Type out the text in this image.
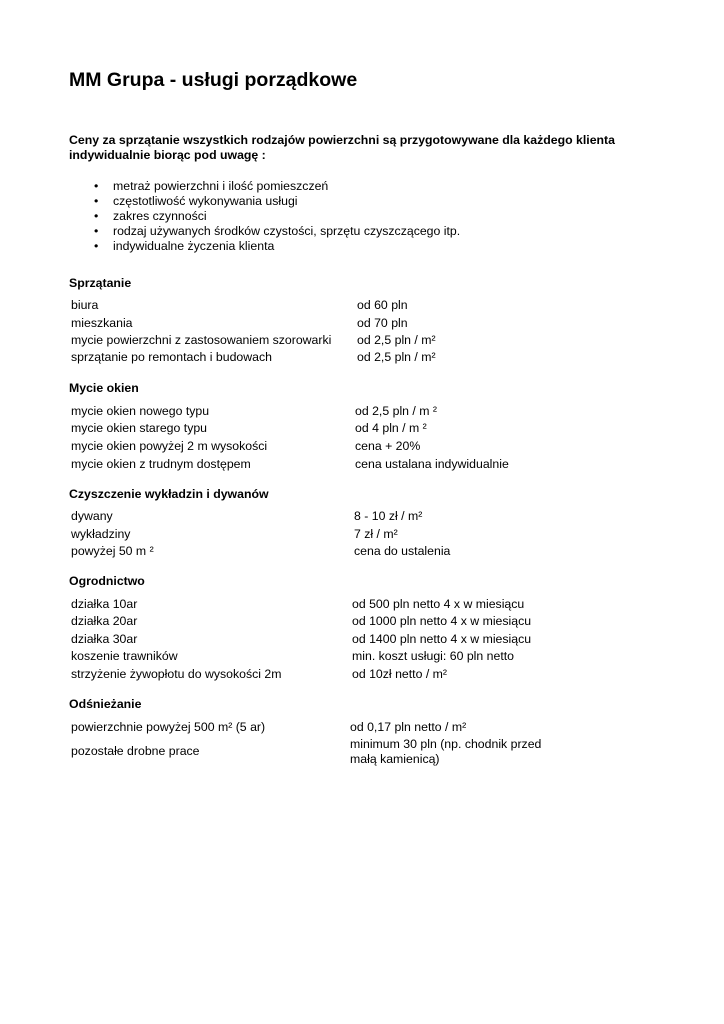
MM Grupa - usługi porządkowe

Ceny za sprzątanie wszystkich rodzajów powierzchni są przygotowywane dla każdego klienta indywidualnie biorąc pod uwagę :

• metraż powierzchni i ilość pomieszczeń
• częstotliwość wykonywania usługi
• zakres czynności
• rodzaj używanych środków czystości, sprzętu czyszczącego itp.
• indywidualne życzenia klienta
Sprzątanie
biura	od 60 pln
mieszkania	od 70 pln
mycie powierzchni z zastosowaniem szorowarki od 2,5 pln / m²
sprzątanie po remontach i budowach	od 2,5 pln / m²
Mycie okien
mycie okien nowego typu	od 2,5 pln / m ²
mycie okien starego typu	od 4 pln / m ²
mycie okien powyżej 2 m wysokości	cena + 20%
mycie okien z trudnym dostępem	cena ustalana indywidualnie
Czyszczenie wykładzin i dywanów
dywany	8 - 10 zł / m²
wykładziny	7 zł / m²
powyżej 50 m ²	cena do ustalenia
Ogrodnictwo
działka 10ar	od 500 pln netto 4 x w miesiącu
działka 20ar	od 1000 pln netto 4 x w miesiącu
działka 30ar	od 1400 pln netto 4 x w miesiącu
koszenie trawników	min. koszt usługi: 60 pln netto
strzyżenie żywopłotu do wysokości 2m	od 10zł netto / m²
Odśnieżanie
powierzchnie powyżej 500 m² (5 ar)	od 0,17 pln netto / m²
pozostałe drobne prace	minimum 30 pln (np. chodnik przed małą kamienicą)
